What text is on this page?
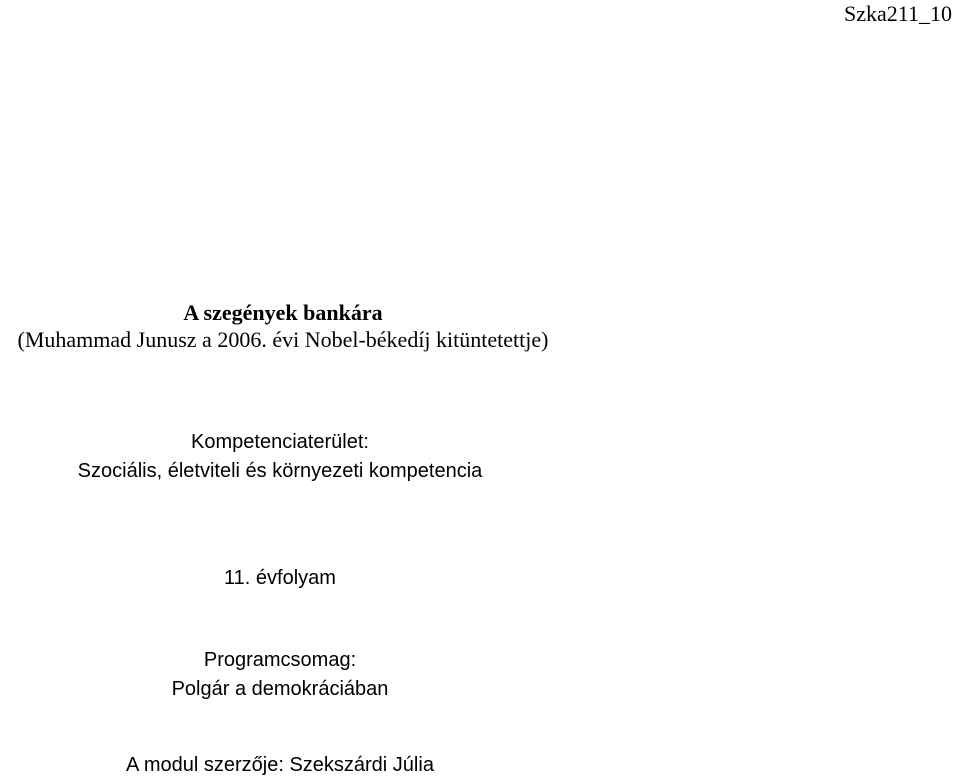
Szka211_10
A szegények bankára
(Muhammad Junusz a 2006. évi Nobel-békedíj kitüntetettje)
Kompetenciaterület:
Szociális, életviteli és környezeti kompetencia
11. évfolyam
Programcsomag:
Polgár a demokráciában
A modul szerzője: Szekszárdi Júlia
